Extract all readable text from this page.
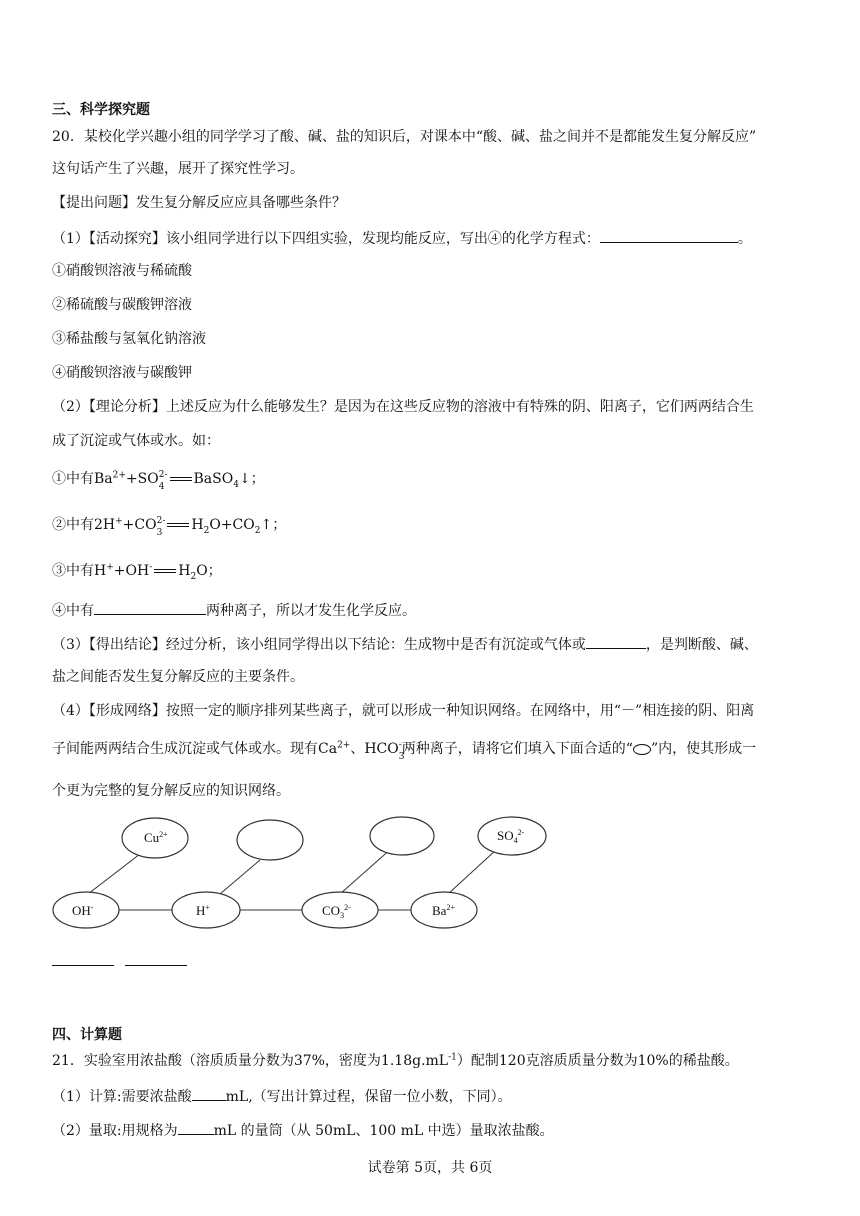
三、科学探究题
20．某校化学兴趣小组的同学学习了酸、碱、盐的知识后，对课本中“酸、碱、盐之间并不是都能发生复分解反应”
这句话产生了兴趣，展开了探究性学习。
【提出问题】发生复分解反应应具备哪些条件？
（1）【活动探究】该小组同学进行以下四组实验，发现均能反应，写出④的化学方程式：	。
①硝酸钡溶液与稀硫酸
②稀硫酸与碳酸钾溶液
③稀盐酸与氢氧化钠溶液
④硝酸钡溶液与碳酸钾
（2）【理论分析】上述反应为什么能够发生？是因为在这些反应物的溶液中有特殊的阴、阳离子，它们两两结合生
成了沉淀或气体或水。如：
①中有$Ba^{2+}+SO^{2-}$
4 BaSO$_4$↓；
②中有$2H^++CO^{2-}$
3 $H_2O+CO_2↑$；
③中有H++OH- $H_2O$；
④中有	两种离子，所以才发生化学反应。
（3）【得出结论】经过分析，该小组同学得出以下结论：生成物中是否有沉淀或气体或	，是判断酸、碱、
盐之间能否发生复分解反应的主要条件。
（4）【形成网络】按照一定的顺序排列某些离子，就可以形成一种知识网络。在网络中，用“－”相连接的阴、阳离
子间能两两结合生成沉淀或气体或水。现有$Ca^{2+}$、HCO-
3
两种离子，请将它们填入下面合适的“ ”内，使其形成一
个更为完整的复分解反应的知识网络。
$Cu^{2+}$	$SO_4^{2-}$
OH-	H+	$CO_3^{2-}$	$Ba^{2+}$
四、计算题
21．实验室用浓盐酸（溶质质量分数为37%，密度为$1.18g.mL^{-1}$）配制120克溶质质量分数为10%的稀盐酸。
（1）计算:需要浓盐酸 mL,（写出计算过程，保留一位小数，下同）。
（2）量取:用规格为	mL 的量筒（从 50mL、100 mL 中选）量取浓盐酸。
试卷第 5页，共 6页
